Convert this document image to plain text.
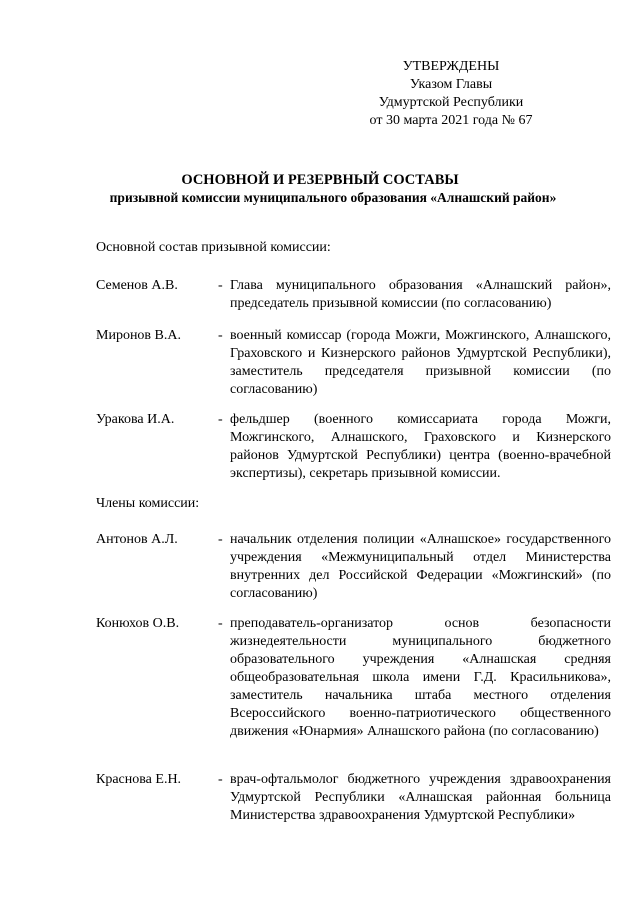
УТВЕРЖДЕНЫ
Указом Главы
Удмуртской Республики
от 30 марта 2021 года № 67
ОСНОВНОЙ И РЕЗЕРВНЫЙ СОСТАВЫ
призывной комиссии муниципального образования «Алнашский район»
Основной состав призывной комиссии:
Семенов А.В.	- Глава муниципального образования «Алнашский район», председатель призывной комиссии (по согласованию)
Миронов В.А.	- военный комиссар (города Можги, Можгинского, Алнашского, Граховского и Кизнерского районов Удмуртской Республики), заместитель председателя призывной комиссии (по согласованию)
Уракова И.А.	- фельдшер (военного комиссариата города Можги, Можгинского, Алнашского, Граховского и Кизнерского районов Удмуртской Республики) центра (военно-врачебной экспертизы), секретарь призывной комиссии.
Члены комиссии:
Антонов А.Л.	- начальник отделения полиции «Алнашское» государственного учреждения «Межмуниципальный отдел Министерства внутренних дел Российской Федерации «Можгинский» (по согласованию)
Конюхов О.В.	- преподаватель-организатор основ безопасности жизнедеятельности муниципального бюджетного образовательного учреждения «Алнашская средняя общеобразовательная школа имени Г.Д. Красильникова», заместитель начальника штаба местного отделения Всероссийского военно-патриотического общественного движения «Юнармия» Алнашского района (по согласованию)
Краснова Е.Н.	- врач-офтальмолог бюджетного учреждения здравоохранения Удмуртской Республики «Алнашская районная больница Министерства здравоохранения Удмуртской Республики»
